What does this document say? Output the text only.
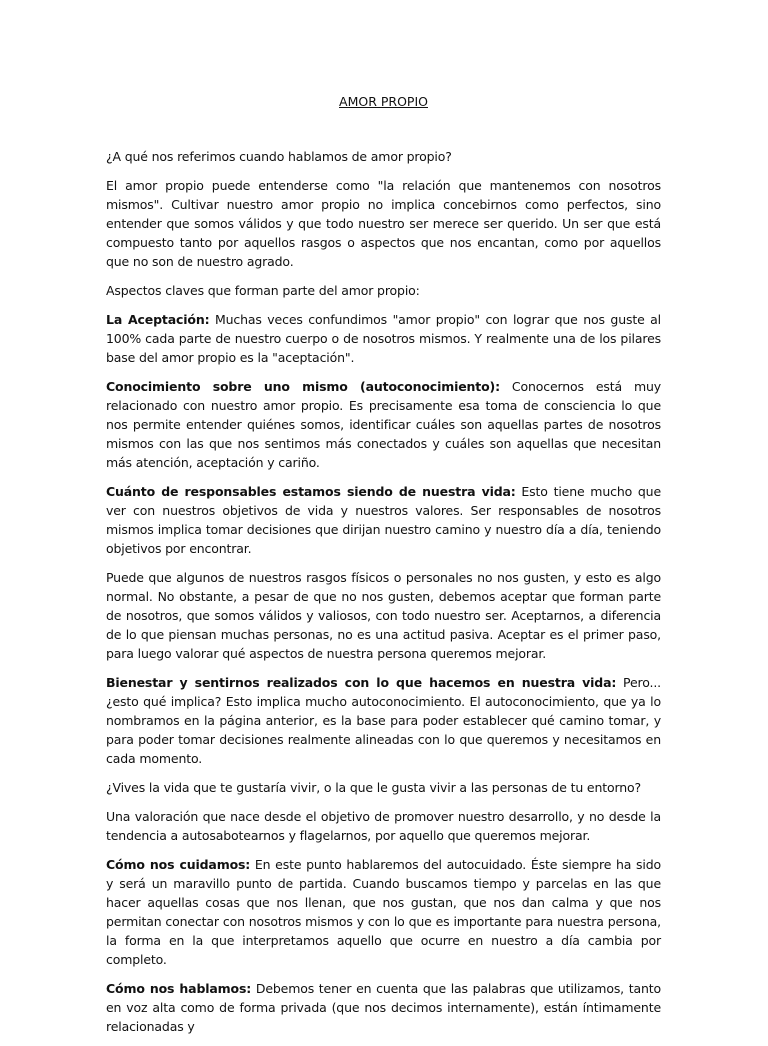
AMOR PROPIO

¿A qué nos referimos cuando hablamos de amor propio?

El amor propio puede entenderse como "la relación que mantenemos con nosotros mismos". Cultivar nuestro amor propio no implica concebirnos como perfectos, sino entender que somos válidos y que todo nuestro ser merece ser querido. Un ser que está compuesto tanto por aquellos rasgos o aspectos que nos encantan, como por aquellos que no son de nuestro agrado.

Aspectos claves que forman parte del amor propio:

La Aceptación: Muchas veces confundimos "amor propio" con lograr que nos guste al 100% cada parte de nuestro cuerpo o de nosotros mismos. Y realmente una de los pilares base del amor propio es la "aceptación".

Conocimiento sobre uno mismo (autoconocimiento): Conocernos está muy relacionado con nuestro amor propio. Es precisamente esa toma de consciencia lo que nos permite entender quiénes somos, identificar cuáles son aquellas partes de nosotros mismos con las que nos sentimos más conectados y cuáles son aquellas que necesitan más atención, aceptación y cariño.

Cuánto de responsables estamos siendo de nuestra vida: Esto tiene mucho que ver con nuestros objetivos de vida y nuestros valores. Ser responsables de nosotros mismos implica tomar decisiones que dirijan nuestro camino y nuestro día a día, teniendo objetivos por encontrar.

Puede que algunos de nuestros rasgos físicos o personales no nos gusten, y esto es algo normal. No obstante, a pesar de que no nos gusten, debemos aceptar que forman parte de nosotros, que somos válidos y valiosos, con todo nuestro ser. Aceptarnos, a diferencia de lo que piensan muchas personas, no es una actitud pasiva. Aceptar es el primer paso, para luego valorar qué aspectos de nuestra persona queremos mejorar.

Bienestar y sentirnos realizados con lo que hacemos en nuestra vida: Pero... ¿esto qué implica? Esto implica mucho autoconocimiento. El autoconocimiento, que ya lo nombramos en la página anterior, es la base para poder establecer qué camino tomar, y para poder tomar decisiones realmente alineadas con lo que queremos y necesitamos en cada momento.

¿Vives la vida que te gustaría vivir, o la que le gusta vivir a las personas de tu entorno?

Una valoración que nace desde el objetivo de promover nuestro desarrollo, y no desde la tendencia a autosabotearnos y flagelarnos, por aquello que queremos mejorar.

Cómo nos cuidamos: En este punto hablaremos del autocuidado. Éste siempre ha sido y será un maravillo punto de partida. Cuando buscamos tiempo y parcelas en las que hacer aquellas cosas que nos llenan, que nos gustan, que nos dan calma y que nos permitan conectar con nosotros mismos y con lo que es importante para nuestra persona, la forma en la que interpretamos aquello que ocurre en nuestro a día cambia por completo.

Cómo nos hablamos: Debemos tener en cuenta que las palabras que utilizamos, tanto en voz alta como de forma privada (que nos decimos internamente), están íntimamente relacionadas y
